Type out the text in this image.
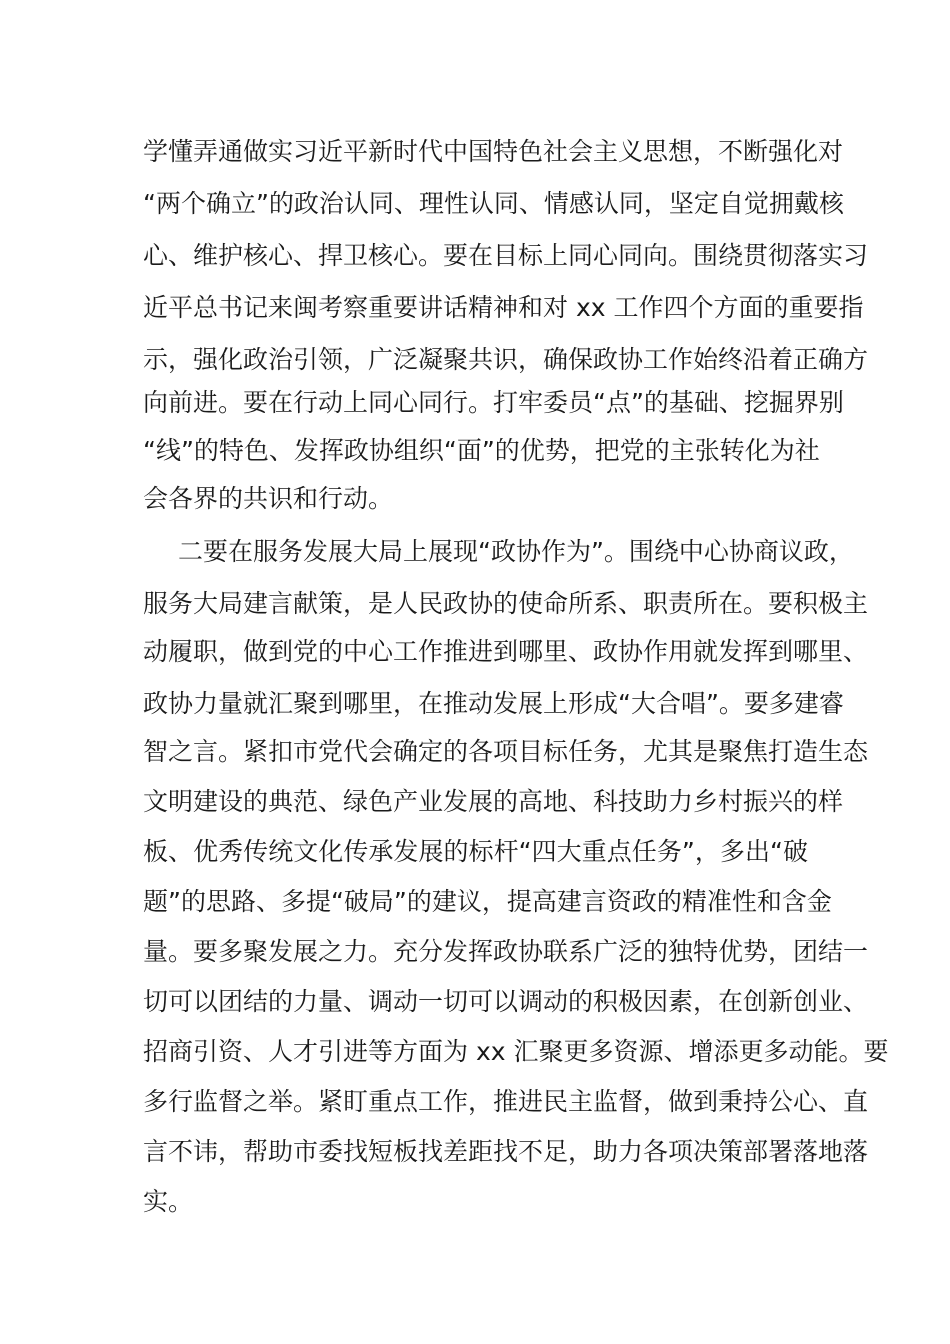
学懂弄通做实习近平新时代中国特色社会主义思想，不断强化对
“两个确立”的政治认同、理性认同、情感认同，坚定自觉拥戴核
心、维护核心、捍卫核心。要在目标上同心同向。围绕贯彻落实习
近平总书记来闽考察重要讲话精神和对 xx 工作四个方面的重要指
示，强化政治引领，广泛凝聚共识，确保政协工作始终沿着正确方
向前进。要在行动上同心同行。打牢委员“点”的基础、挖掘界别
“线”的特色、发挥政协组织“面”的优势，把党的主张转化为社
会各界的共识和行动。
二要在服务发展大局上展现“政协作为”。围绕中心协商议政，
服务大局建言献策，是人民政协的使命所系、职责所在。要积极主
动履职，做到党的中心工作推进到哪里、政协作用就发挥到哪里、
政协力量就汇聚到哪里，在推动发展上形成“大合唱”。要多建睿
智之言。紧扣市党代会确定的各项目标任务，尤其是聚焦打造生态
文明建设的典范、绿色产业发展的高地、科技助力乡村振兴的样
板、优秀传统文化传承发展的标杆“四大重点任务”，多出“破
题”的思路、多提“破局”的建议，提高建言资政的精准性和含金
量。要多聚发展之力。充分发挥政协联系广泛的独特优势，团结一
切可以团结的力量、调动一切可以调动的积极因素，在创新创业、
招商引资、人才引进等方面为 xx 汇聚更多资源、增添更多动能。要
多行监督之举。紧盯重点工作，推进民主监督，做到秉持公心、直
言不讳，帮助市委找短板找差距找不足，助力各项决策部署落地落
实。
